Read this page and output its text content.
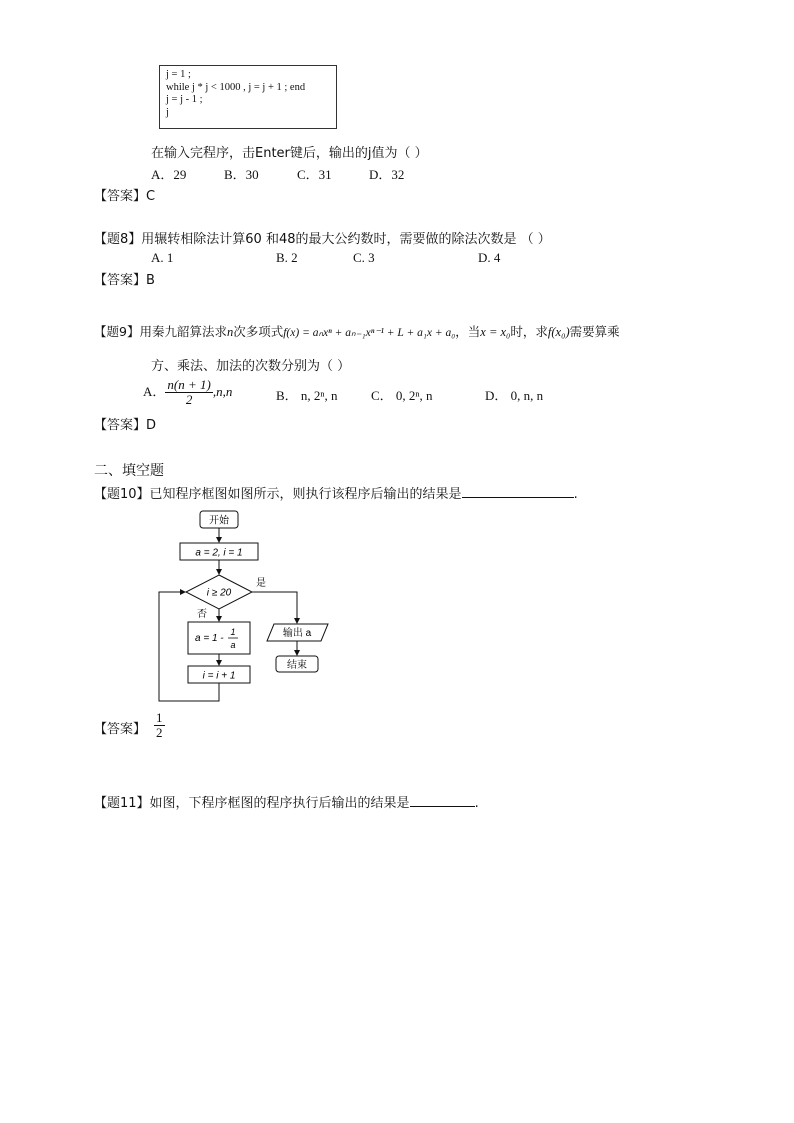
j = 1 ;
while j * j < 1000 , j = j + 1 ; end
j = j - 1 ;
j
在输入完程序，击Enter键后，输出的j值为（ ）
A．29	B．30	C．31	D．32
【答案】C
【题8】用辗转相除法计算60 和48的最大公约数时，需要做的除法次数是 （ ）
A. 1	B. 2	C. 3	D. 4
【答案】B
【题9】用秦九韶算法求n次多项式f(x) = aₙxⁿ + aₙ₋₁xⁿ⁻¹ + L + a₁x + a₀，当x = x₀时，求f(x₀)需要算乘
方、乘法、加法的次数分别为（ ）
A． $\frac{n(n + 1)}{2} ,n,n$	B． n, 2ⁿ, n	C． 0, 2ⁿ, n	D． 0, n, n
【答案】D
二、填空题
【题10】已知程序框图如图所示，则执行该程序后输出的结果是	.
开始
a = 2, i = 1
i ≥ 20
是
输出 a
结束
否
a = 1 -
1
a
i = i + 1
【答案】 $\frac{1}{2}$
【题11】如图，下程序框图的程序执行后输出的结果是	.
